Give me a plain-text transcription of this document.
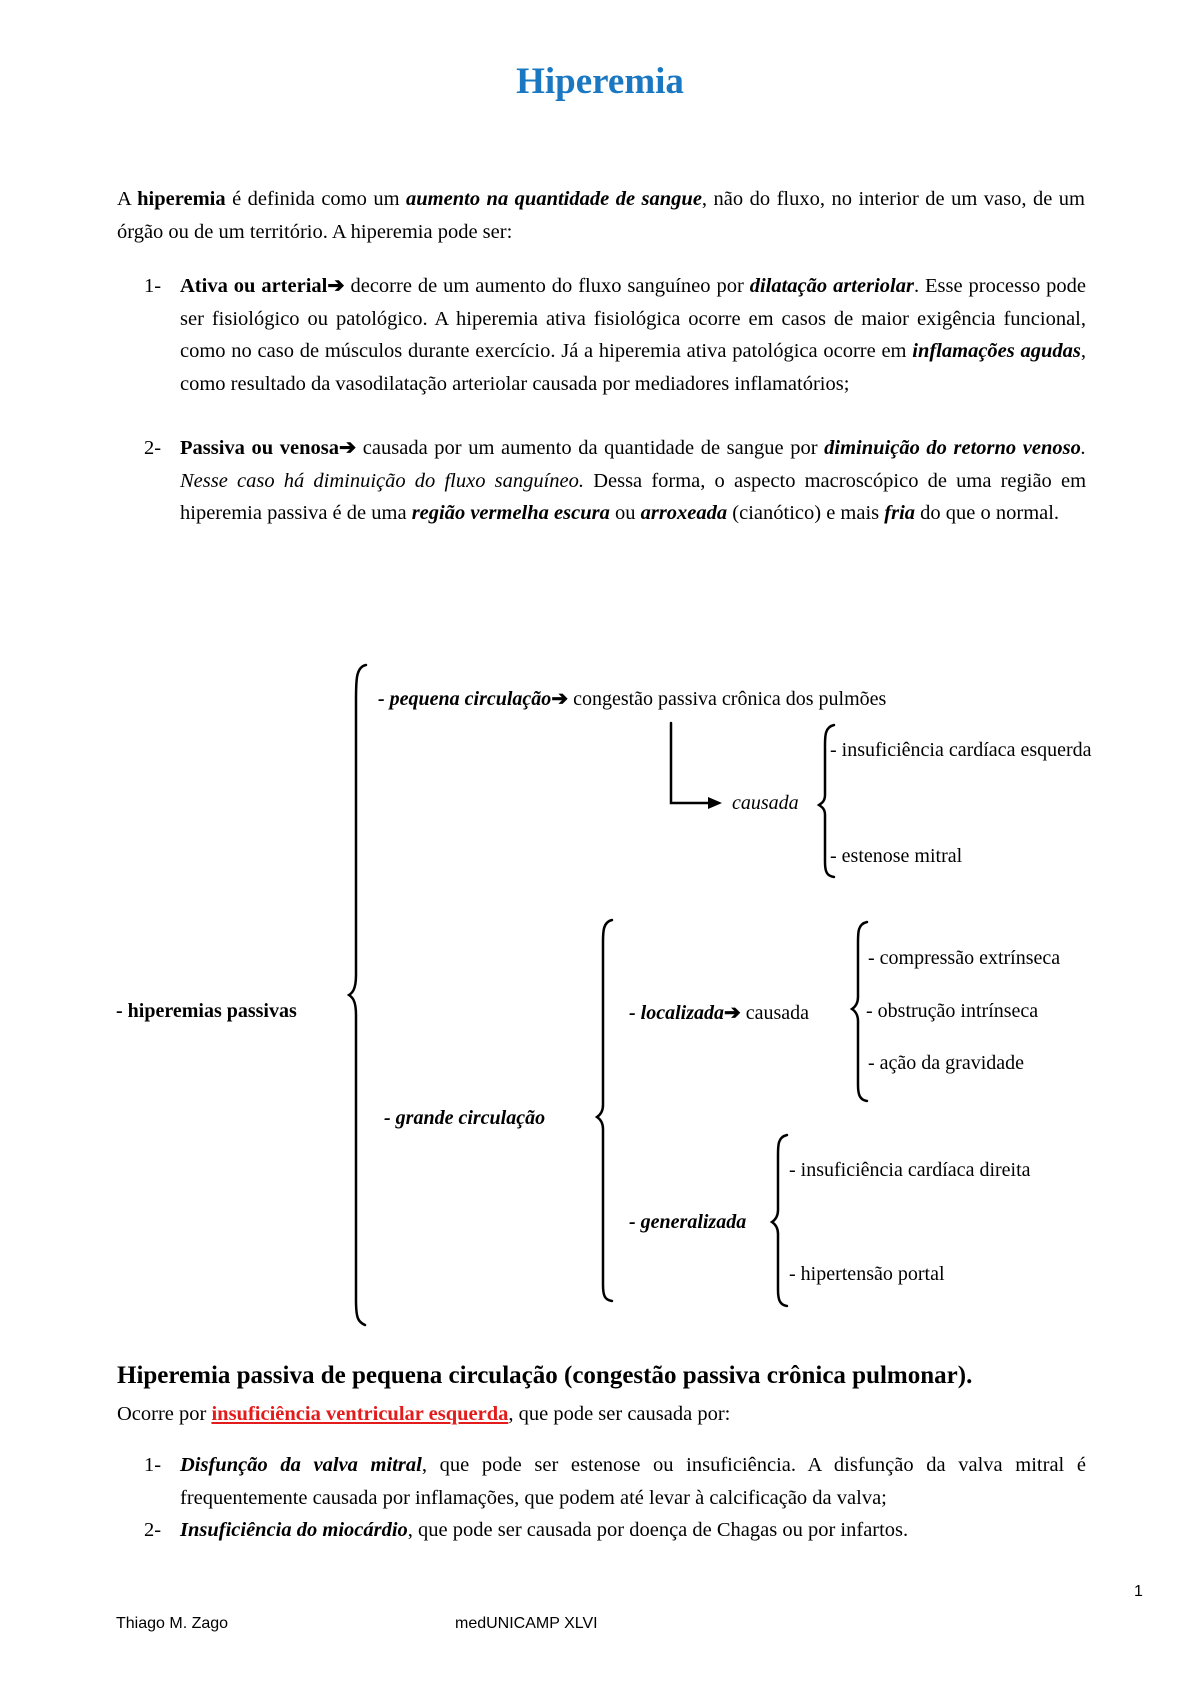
Hiperemia
A hiperemia é definida como um aumento na quantidade de sangue, não do fluxo, no interior de um vaso, de um órgão ou de um território. A hiperemia pode ser:
1- Ativa ou arterial➔ decorre de um aumento do fluxo sanguíneo por dilatação arteriolar. Esse processo pode ser fisiológico ou patológico. A hiperemia ativa fisiológica ocorre em casos de maior exigência funcional, como no caso de músculos durante exercício. Já a hiperemia ativa patológica ocorre em inflamações agudas, como resultado da vasodilatação arteriolar causada por mediadores inflamatórios;
2- Passiva ou venosa➔ causada por um aumento da quantidade de sangue por diminuição do retorno venoso. Nesse caso há diminuição do fluxo sanguíneo. Dessa forma, o aspecto macroscópico de uma região em hiperemia passiva é de uma região vermelha escura ou arroxeada (cianótico) e mais fria do que o normal.
- pequena circulação➔ congestão passiva crônica dos pulmões
causada
- insuficiência cardíaca esquerda
- estenose mitral
- hiperemias passivas
- grande circulação
- localizada➔ causada
- compressão extrínseca
- obstrução intrínseca
- ação da gravidade
- generalizada
- insuficiência cardíaca direita
- hipertensão portal
Hiperemia passiva de pequena circulação (congestão passiva crônica pulmonar).
Ocorre por insuficiência ventricular esquerda, que pode ser causada por:
1- Disfunção da valva mitral, que pode ser estenose ou insuficiência. A disfunção da valva mitral é frequentemente causada por inflamações, que podem até levar à calcificação da valva;
2- Insuficiência do miocárdio, que pode ser causada por doença de Chagas ou por infartos.
1
Thiago M. Zago	medUNICAMP XLVI
